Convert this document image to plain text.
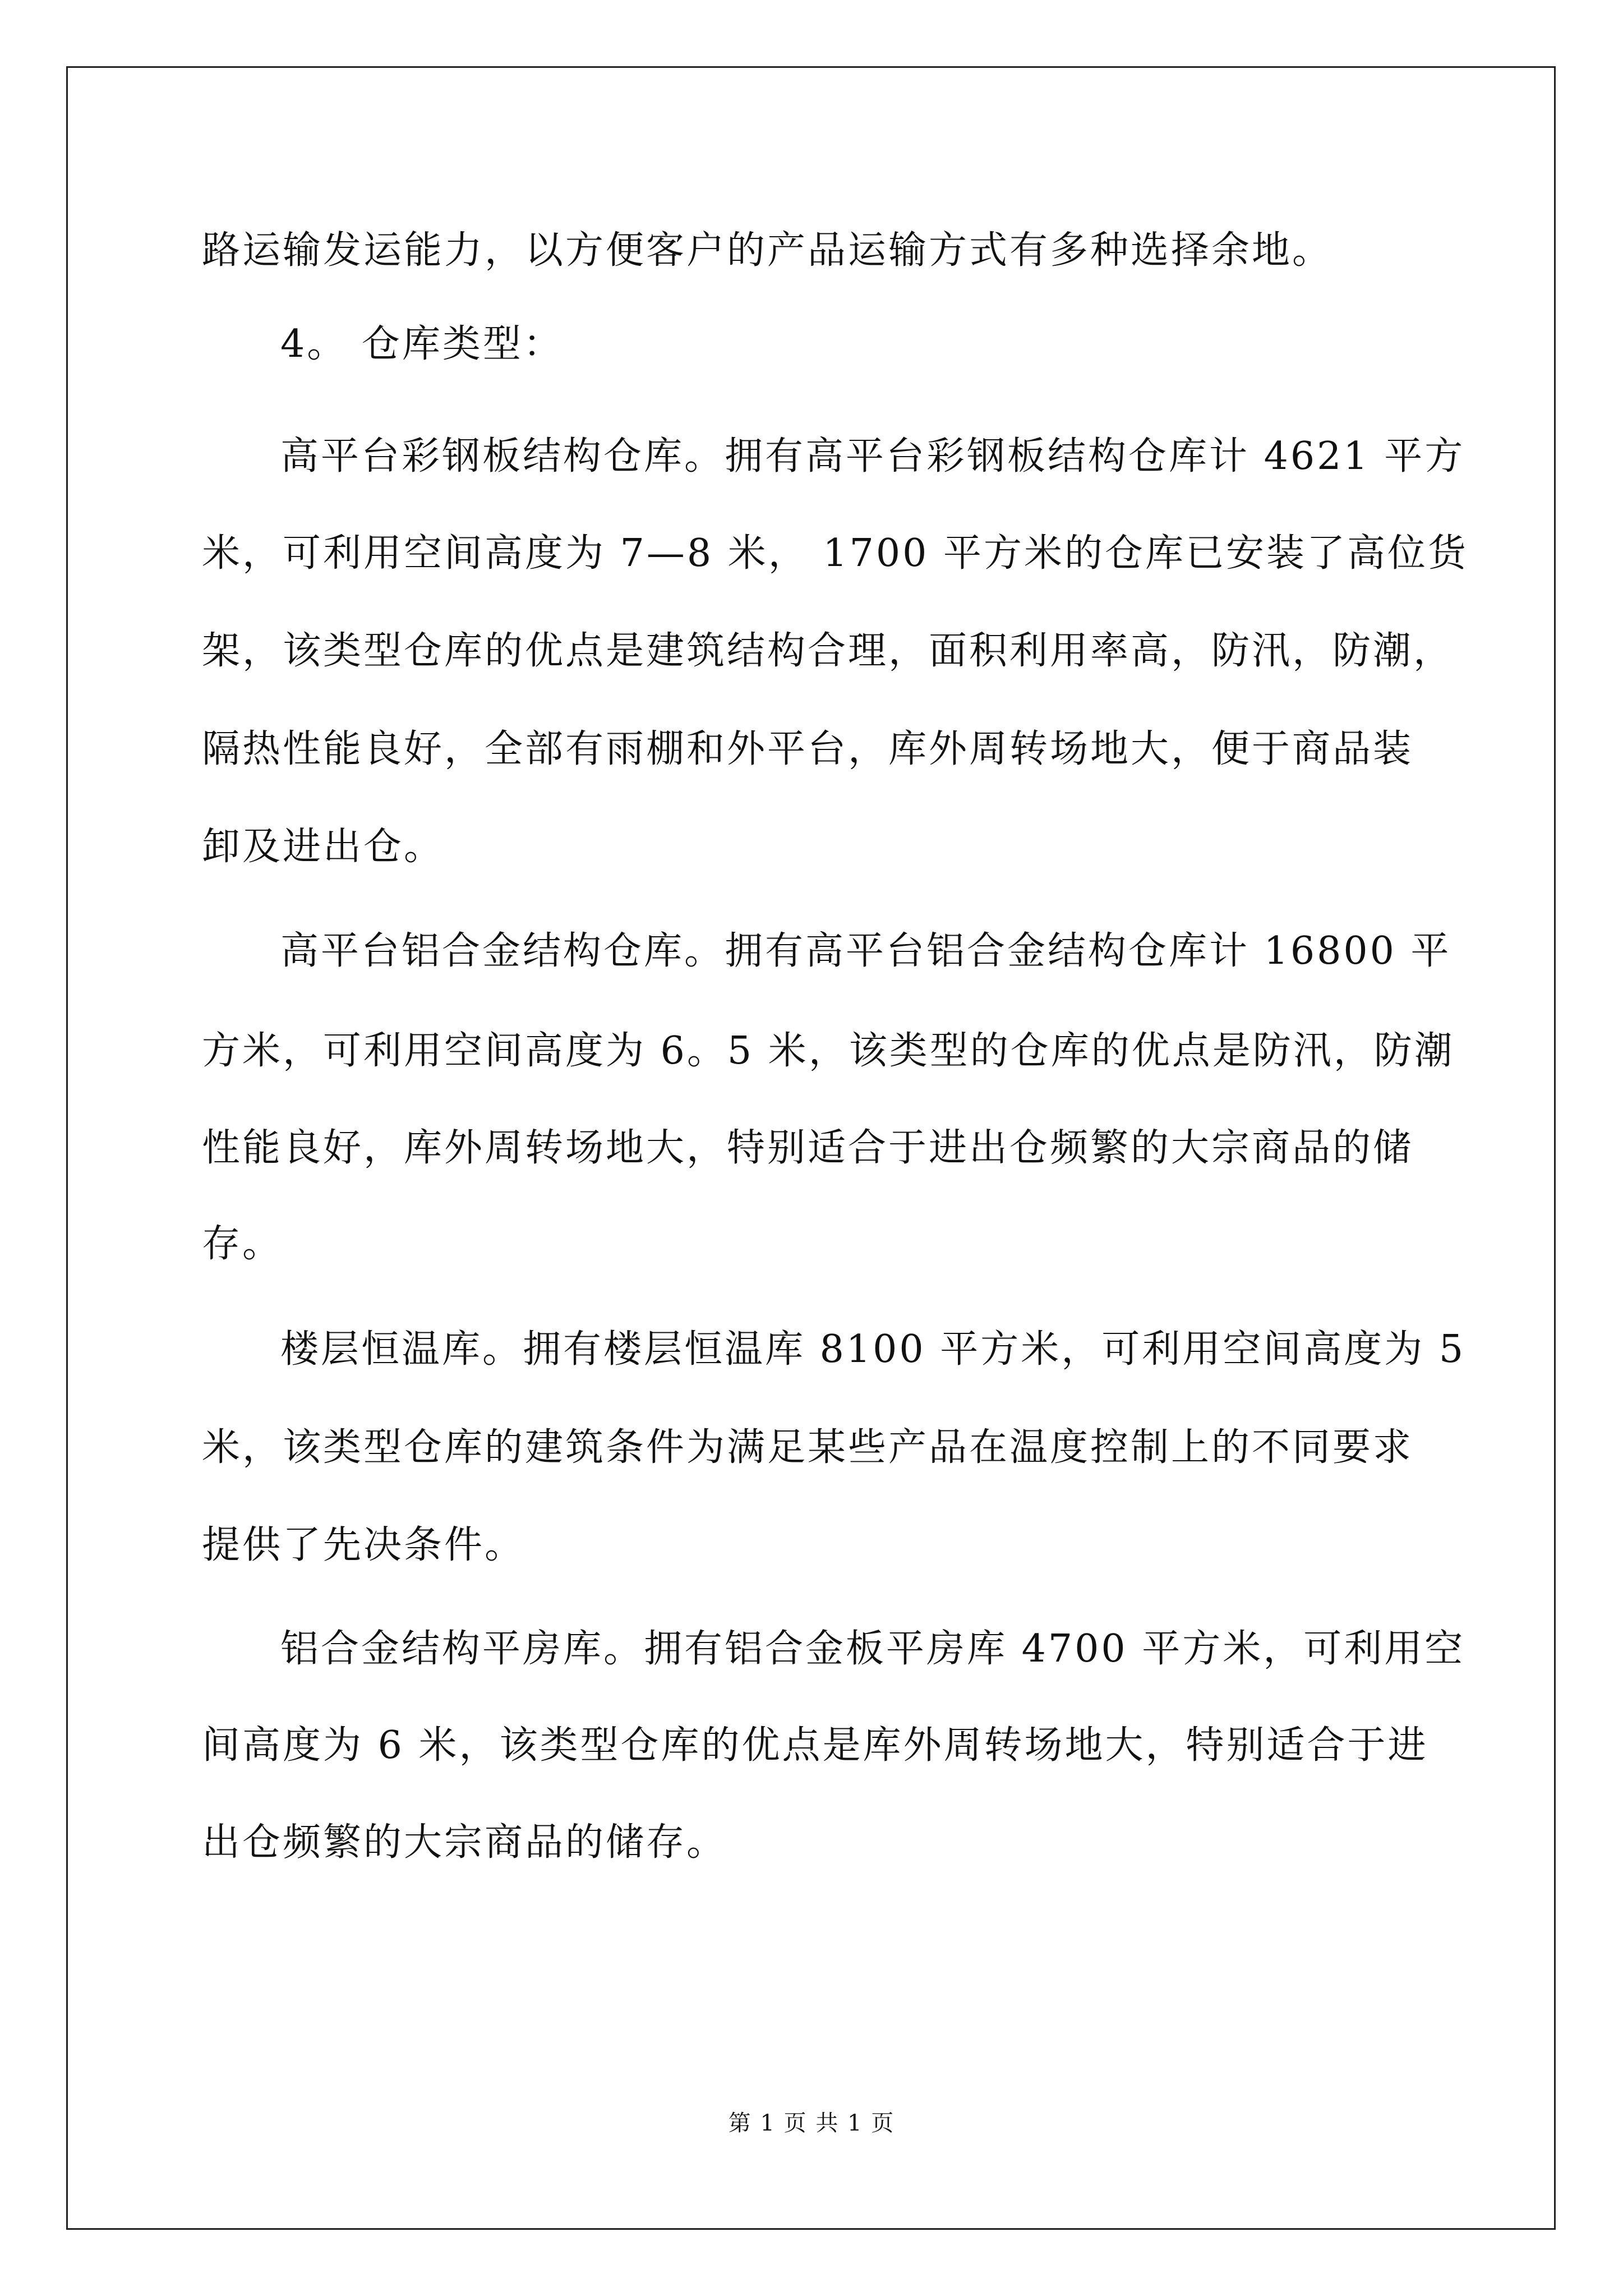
路运输发运能力，以方便客户的产品运输方式有多种选择余地。
4。 仓库类型：
高平台彩钢板结构仓库。拥有高平台彩钢板结构仓库计 4621 平方
米，可利用空间高度为 7—8 米， 1700 平方米的仓库已安装了高位货
架，该类型仓库的优点是建筑结构合理，面积利用率高，防汛，防潮，
隔热性能良好，全部有雨棚和外平台，库外周转场地大，便于商品装
卸及进出仓。
高平台铝合金结构仓库。拥有高平台铝合金结构仓库计 16800 平
方米，可利用空间高度为 6。5 米，该类型的仓库的优点是防汛，防潮
性能良好，库外周转场地大，特别适合于进出仓频繁的大宗商品的储
存。
楼层恒温库。拥有楼层恒温库 8100 平方米，可利用空间高度为 5
米，该类型仓库的建筑条件为满足某些产品在温度控制上的不同要求
提供了先决条件。
铝合金结构平房库。拥有铝合金板平房库 4700 平方米，可利用空
间高度为 6 米，该类型仓库的优点是库外周转场地大，特别适合于进
出仓频繁的大宗商品的储存。
第 1 页 共 1 页
